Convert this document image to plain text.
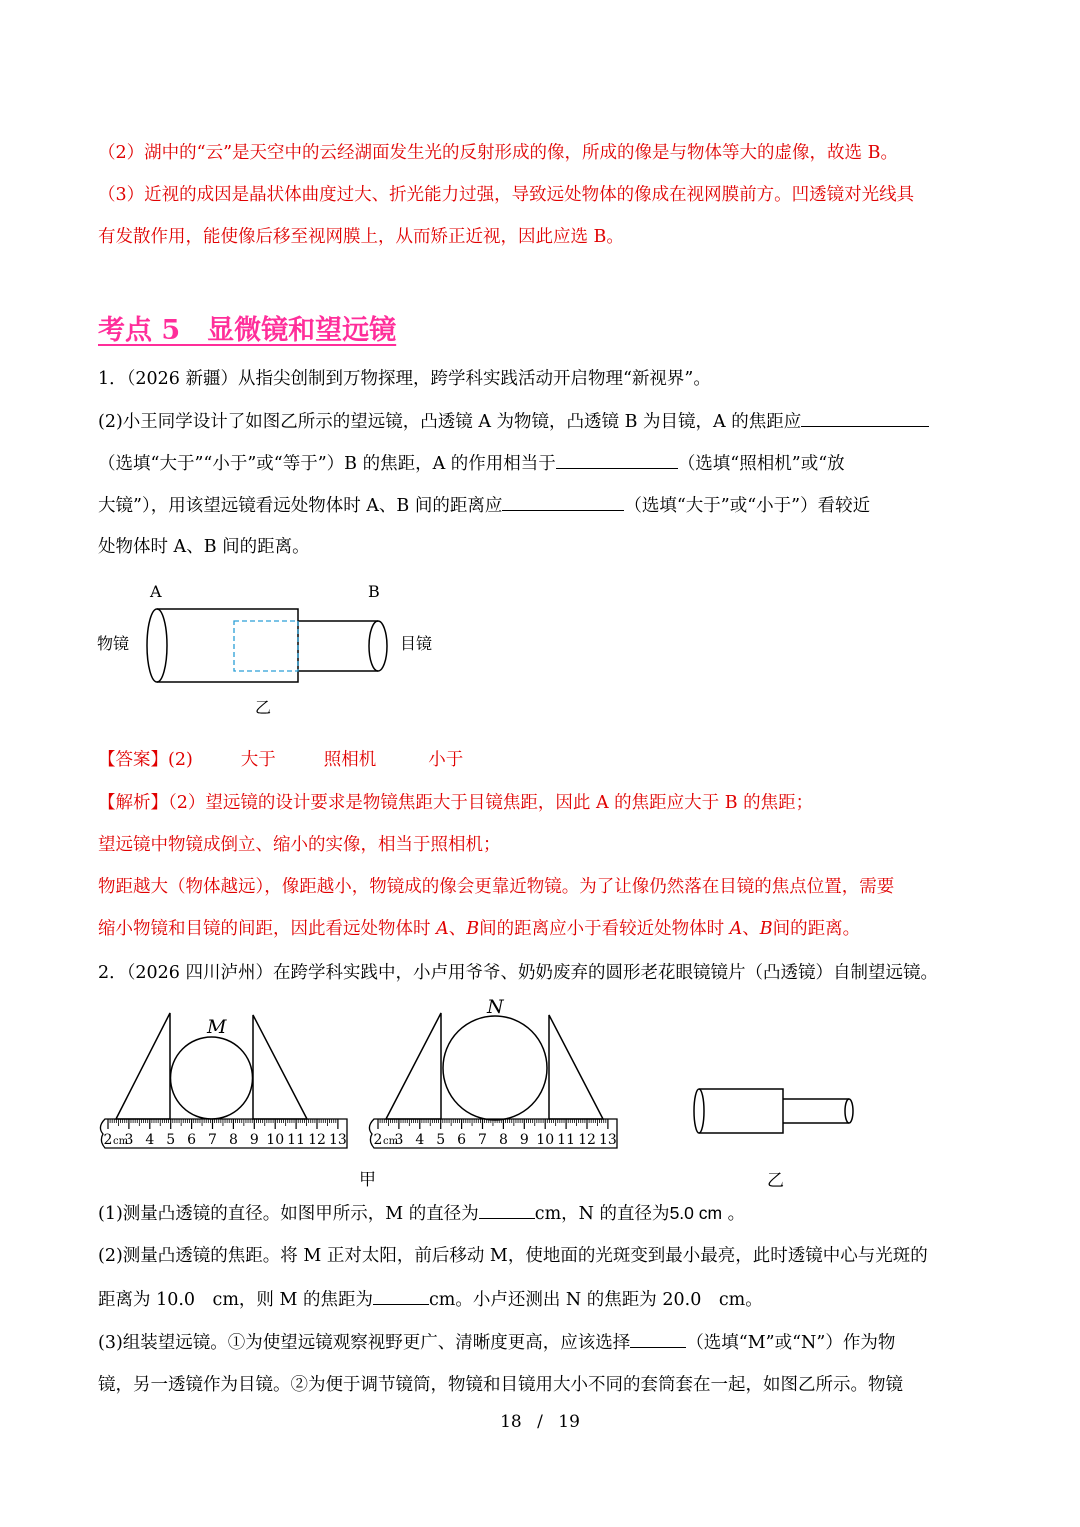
（2）湖中的“云”是天空中的云经湖面发生光的反射形成的像，所成的像是与物体等大的虚像，故选 B。
（3）近视的成因是晶状体曲度过大、折光能力过强，导致远处物体的像成在视网膜前方。凹透镜对光线具
有发散作用，能使像后移至视网膜上，从而矫正近视，因此应选 B。
考点 5　显微镜和望远镜
1．（2026 新疆）从指尖创制到万物探理，跨学科实践活动开启物理“新视界”。
(2)小王同学设计了如图乙所示的望远镜，凸透镜 A 为物镜，凸透镜 B 为目镜，A 的焦距应
（选填“大于”“小于”或“等于”）B 的焦距，A 的作用相当于	（选填“照相机”或“放
大镜”），用该望远镜看远处物体时 A、B 间的距离应	（选填“大于”或“小于”）看较近
处物体时 A、B 间的距离。
A	B
物镜	目镜
乙
【答案】(2)	大于	照相机	小于
【解析】（2）望远镜的设计要求是物镜焦距大于目镜焦距，因此 A 的焦距应大于 B 的焦距；
望远镜中物镜成倒立、缩小的实像，相当于照相机；
物距越大（物体越远），像距越小，物镜成的像会更靠近物镜。为了让像仍然落在目镜的焦点位置，需要
缩小物镜和目镜的间距，因此看远处物体时 A、B间的距离应小于看较近处物体时 A、B间的距离。
2．（2026 四川泸州）在跨学科实践中，小卢用爷爷、奶奶废弃的圆形老花眼镜镜片（凸透镜）自制望远镜。
M
2 cm
3 4 5 6 7 8 9 10 11 12 13
N
2 cm
3 4 5 6 7 8 9 10 11 12 13
甲	乙
(1)测量凸透镜的直径。如图甲所示，M 的直径为	cm，N 的直径为5.0 cm 。
(2)测量凸透镜的焦距。将 M 正对太阳，前后移动 M，使地面的光斑变到最小最亮，此时透镜中心与光斑的
距离为 10.0　cm，则 M 的焦距为	cm。小卢还测出 N 的焦距为 20.0　cm。
(3)组装望远镜。①为使望远镜观察视野更广、清晰度更高，应该选择	（选填“M”或“N”）作为物
镜，另一透镜作为目镜。②为便于调节镜筒，物镜和目镜用大小不同的套筒套在一起，如图乙所示。物镜
18 / 19
